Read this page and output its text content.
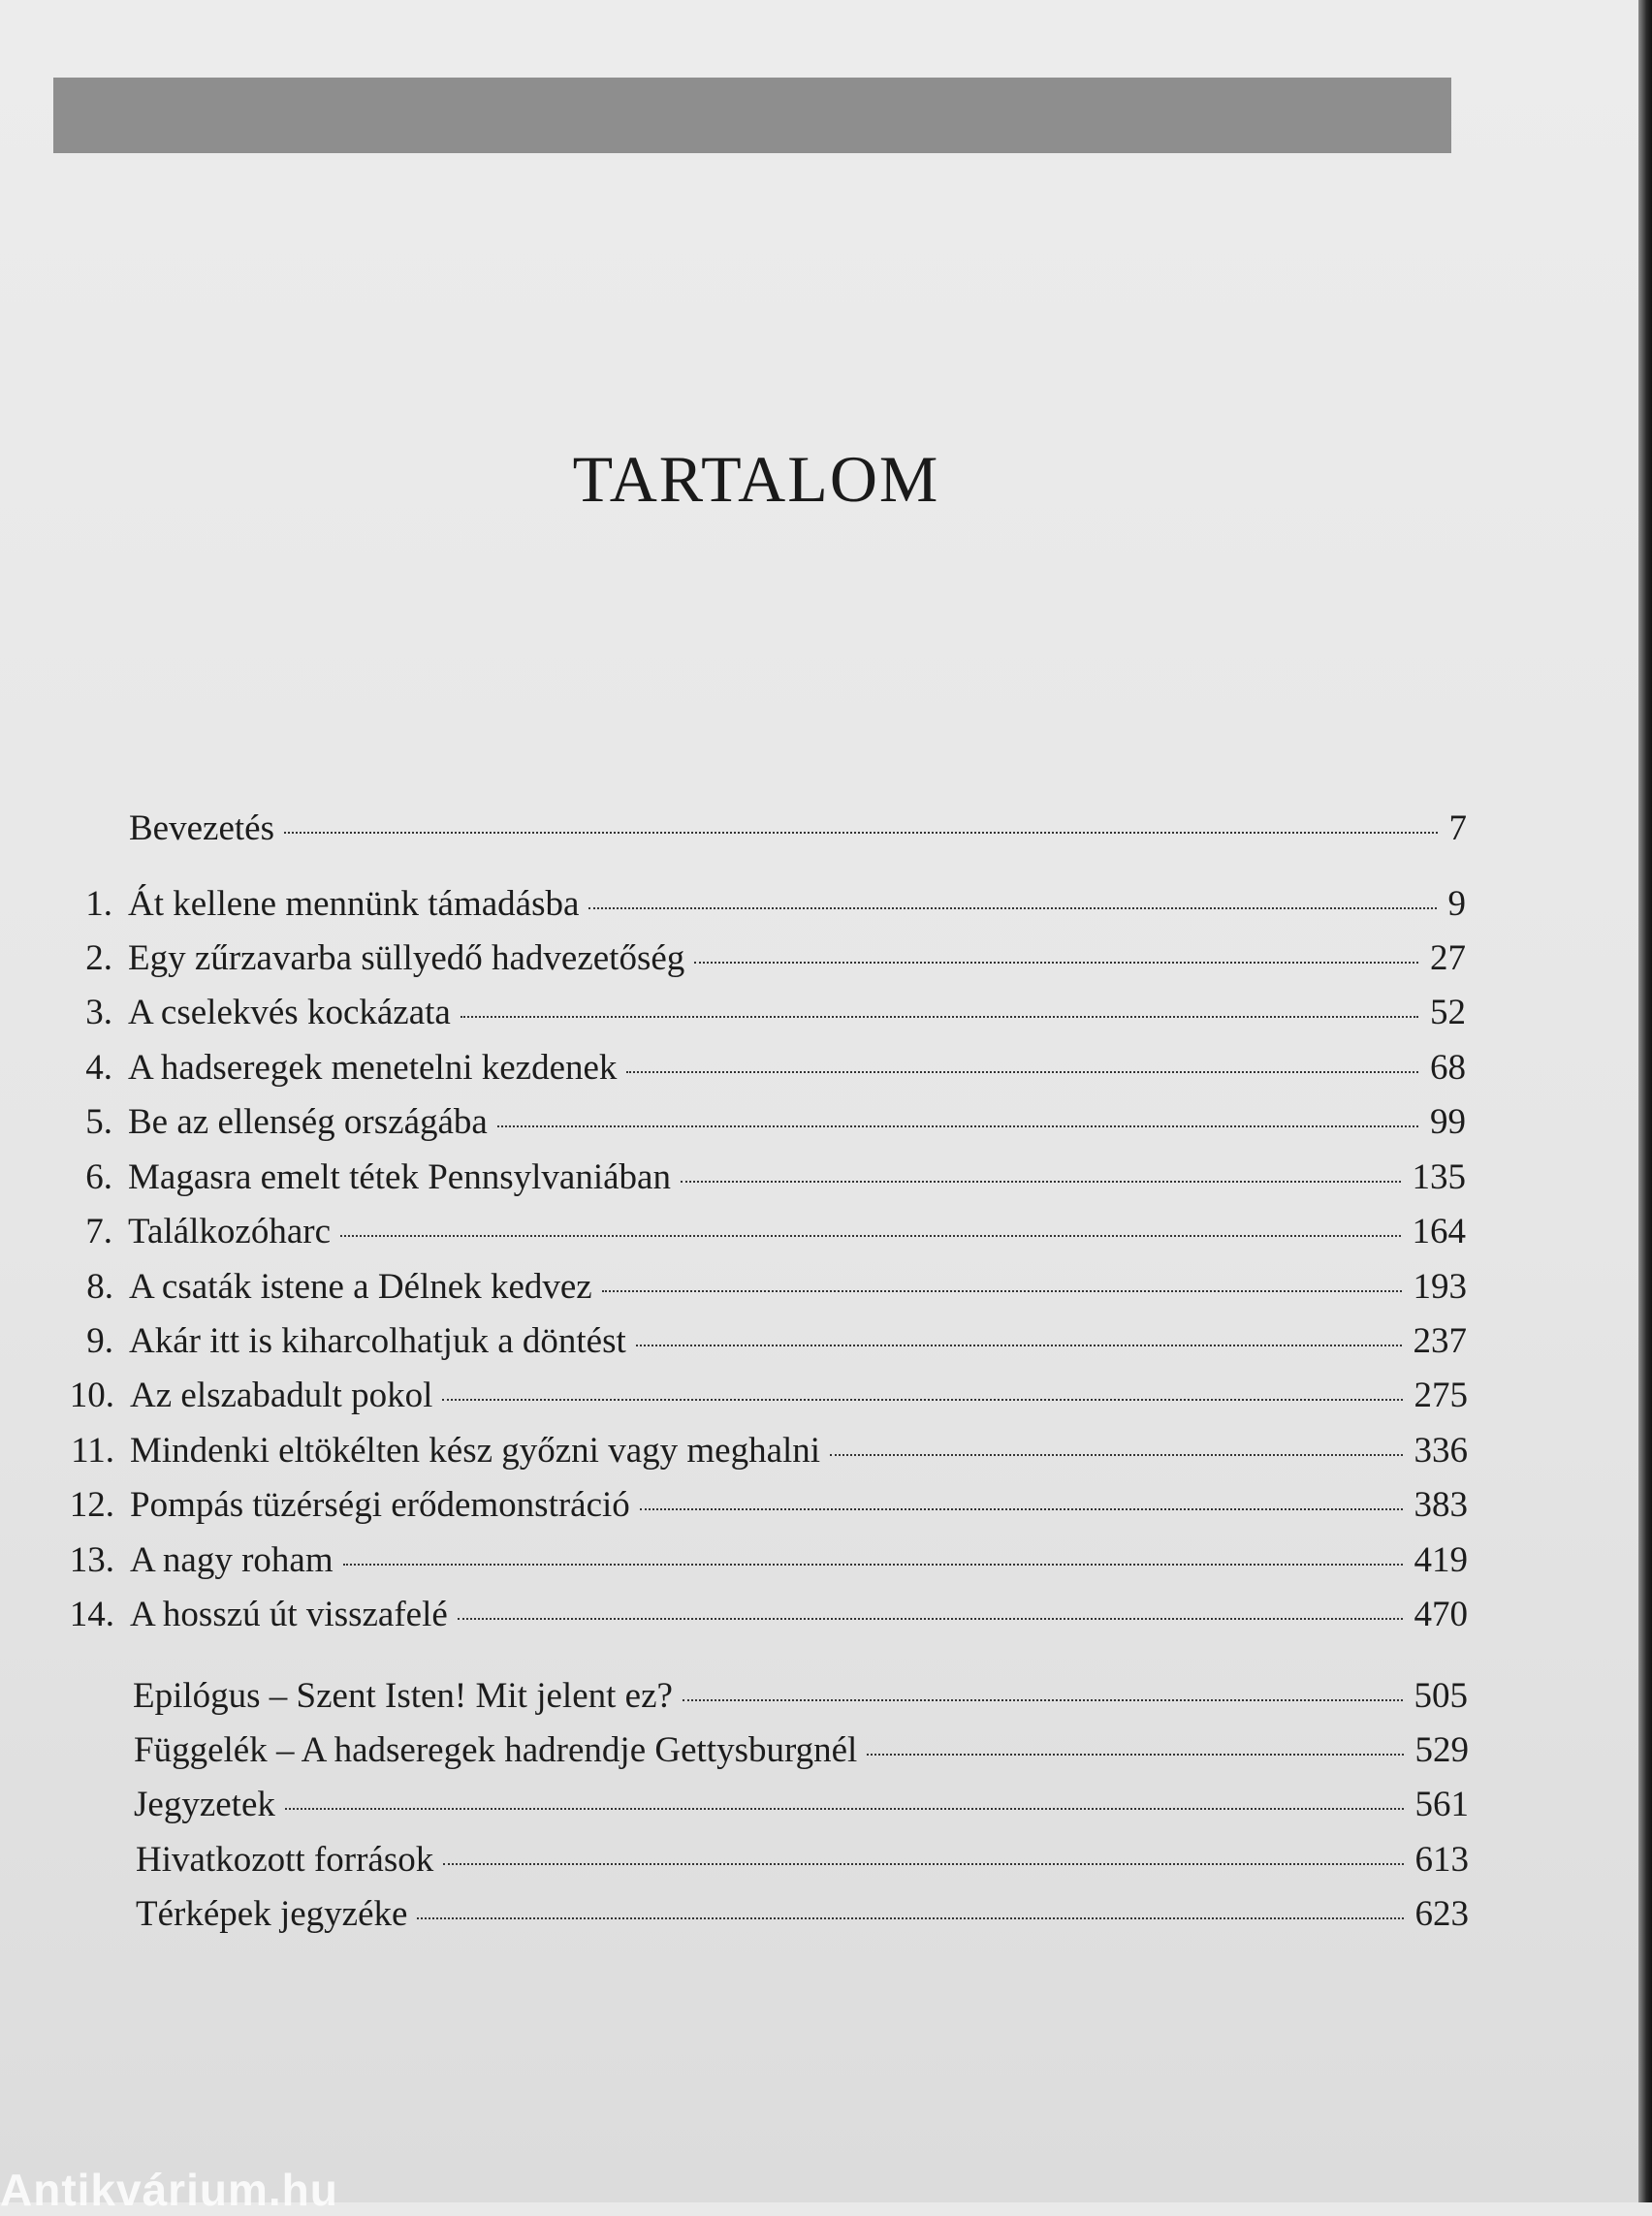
TARTALOM
Bevezetés	7
1. Át kellene mennünk támadásba	9
2. Egy zűrzavarba süllyedő hadvezetőség	27
3. A cselekvés kockázata	52
4. A hadseregek menetelni kezdenek	68
5. Be az ellenség országába	99
6. Magasra emelt tétek Pennsylvaniában	135
7. Találkozóharc	164
8. A csaták istene a Délnek kedvez	193
9. Akár itt is kiharcolhatjuk a döntést	237
10. Az elszabadult pokol	275
11. Mindenki eltökélten kész győzni vagy meghalni	336
12. Pompás tüzérségi erődemonstráció	383
13. A nagy roham	419
14. A hosszú út visszafelé	470
Epilógus – Szent Isten! Mit jelent ez?	505
Függelék – A hadseregek hadrendje Gettysburgnél	529
Jegyzetek	561
Hivatkozott források	613
Térképek jegyzéke	623
Antikvárium.hu
